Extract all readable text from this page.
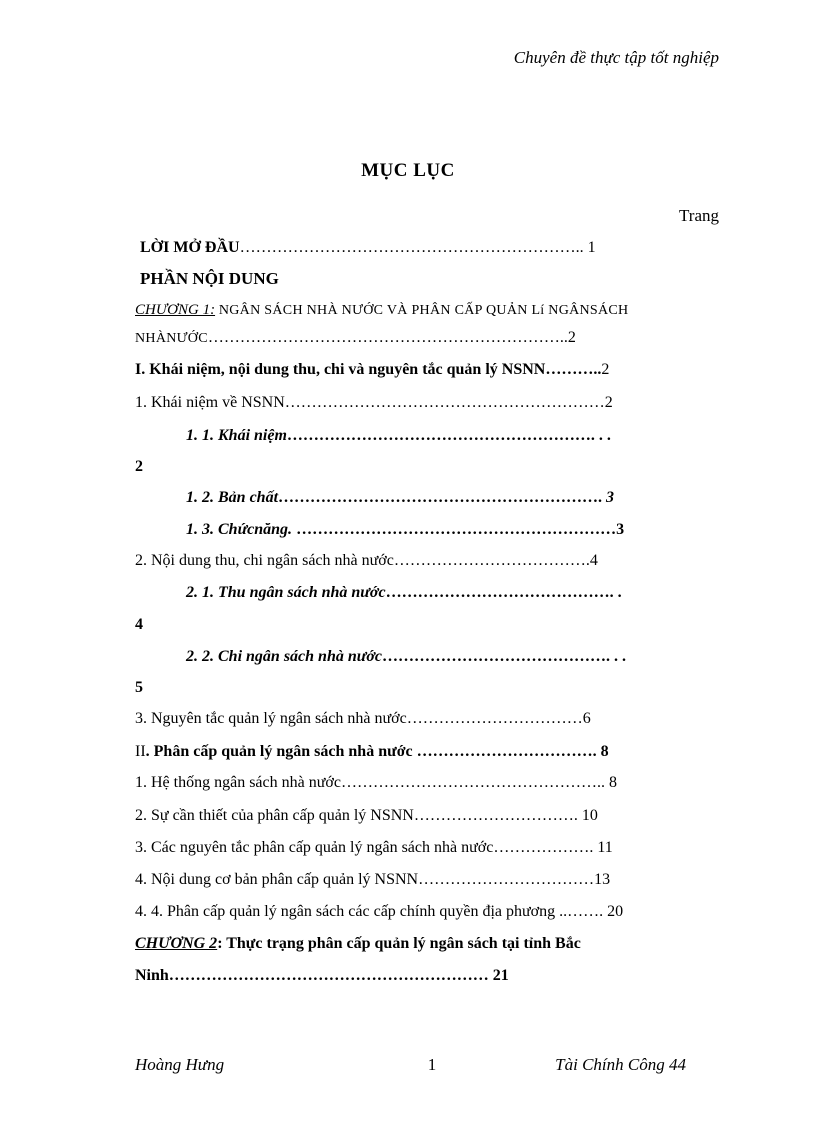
Chuyên đề thực tập tốt nghiệp
MỤC LỤC
Trang
LỜI MỞ ĐẦU……………………………………………………….. 1
PHẦN NỘI DUNG
CHƯƠNG 1: NGÂN SÁCH NHÀ NƯỚC VÀ PHÂN CẤP QUẢN Lí NGÂNSÁCH
NHÀNƯỚC…………………………………………………………..2
I. Khái niệm, nội dung thu, chi và nguyên tắc quản lý NSNN………..2
1. Khái niệm về NSNN……………………………………………………2
1. 1. Khái niệm…………………………………………………. . .
2
1. 2. Bản chất……………………………………………………. 3
1. 3. Chứcnăng. ……………………………………………………3
2. Nội dung thu, chi ngân sách nhà nước……………………………….4
2. 1. Thu ngân sách nhà nước……………………………………. .
4
2. 2. Chi ngân sách nhà nước……………………………………. . .
5
3. Nguyên tắc quản lý ngân sách nhà nước……………………………6
II. Phân cấp quản lý ngân sách nhà nước ……………………………. 8
1. Hệ thống ngân sách nhà nước………………………………………….. 8
2. Sự cần thiết của phân cấp quản lý NSNN…………………………. 10
3. Các nguyên tắc phân cấp quản lý ngân sách nhà nước………………. 11
4. Nội dung cơ bản phân cấp quản lý NSNN……………………………13
4. 4. Phân cấp quản lý ngân sách các cấp chính quyền địa phương ..……. 20
CHƯƠNG 2: Thực trạng phân cấp quản lý ngân sách tại tỉnh Bắc
Ninh…………………………………………………… 21
Hoàng Hưng	1	Tài Chính Công 44
